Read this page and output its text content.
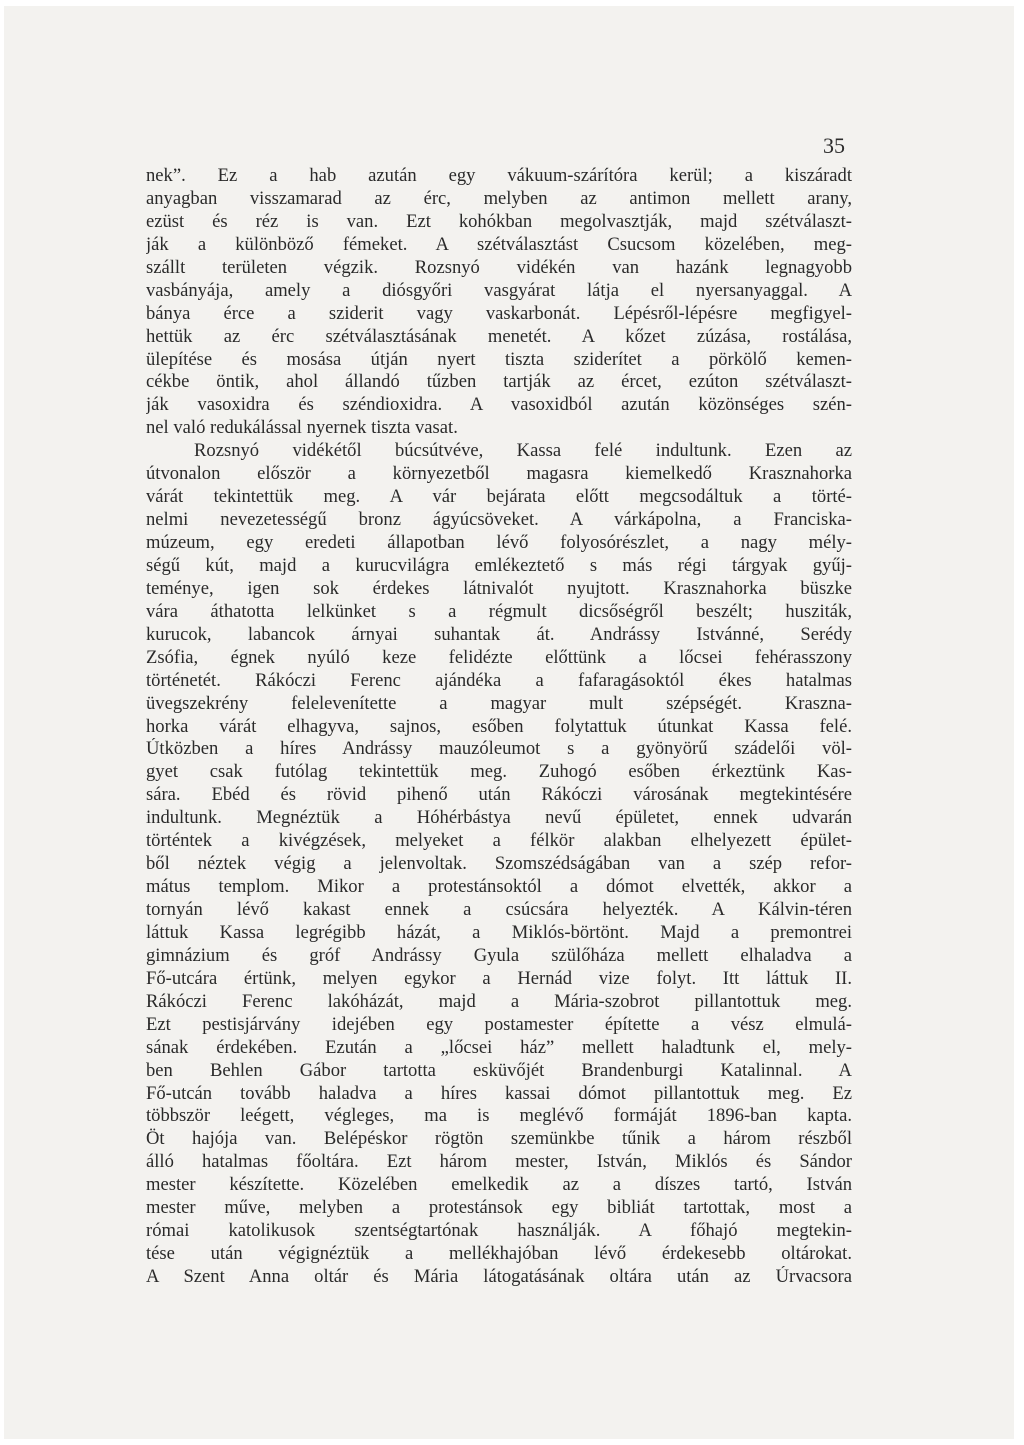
35
nek”. Ez a hab azután egy vákuum-szárítóra kerül; a kiszáradt
anyagban visszamarad az érc, melyben az antimon mellett arany,
ezüst és réz is van. Ezt kohókban megolvasztják, majd szétválaszt-
ják a különböző fémeket. A szétválasztást Csucsom közelében, meg-
szállt területen végzik. Rozsnyó vidékén van hazánk legnagyobb
vasbányája, amely a diósgyőri vasgyárat látja el nyersanyaggal. A
bánya érce a sziderit vagy vaskarbonát. Lépésről-lépésre megfigyel-
hettük az érc szétválasztásának menetét. A kőzet zúzása, rostálása,
ülepítése és mosása útján nyert tiszta sziderítet a pörkölő kemen-
cékbe öntik, ahol állandó tűzben tartják az ércet, ezúton szétválaszt-
ják vasoxidra és széndioxidra. A vasoxidból azután közönséges szén-
nel való redukálással nyernek tiszta vasat.
Rozsnyó vidékétől búcsútvéve, Kassa felé indultunk. Ezen az
útvonalon először a környezetből magasra kiemelkedő Krasznahorka
várát tekintettük meg. A vár bejárata előtt megcsodáltuk a törté-
nelmi nevezetességű bronz ágyúcsöveket. A várkápolna, a Franciska-
múzeum, egy eredeti állapotban lévő folyosórészlet, a nagy mély-
ségű kút, majd a kurucvilágra emlékeztető s más régi tárgyak gyűj-
teménye, igen sok érdekes látnivalót nyujtott. Krasznahorka büszke
vára áthatotta lelkünket s a régmult dicsőségről beszélt; husziták,
kurucok, labancok árnyai suhantak át. Andrássy Istvánné, Serédy
Zsófia, égnek nyúló keze felidézte előttünk a lőcsei fehérasszony
történetét. Rákóczi Ferenc ajándéka a fafaragásoktól ékes hatalmas
üvegszekrény felelevenítette a magyar mult szépségét. Krasznа-
horka várát elhagyva, sajnos, esőben folytattuk útunkat Kassa felé.
Útközben a híres Andrássy mauzóleumot s a gyönyörű szádelői völ-
gyet csak futólag tekintettük meg. Zuhogó esőben érkeztünk Kas-
sára. Ebéd és rövid pihenő után Rákóczi városának megtekintésére
indultunk. Megnéztük a Hóhérbástya nevű épületet, ennek udvarán
történtek a kivégzések, melyeket a félkör alakban elhelyezett épület-
ből néztek végig a jelenvoltak. Szomszédságában van a szép refor-
mátus templom. Mikor a protestánsoktól a dómot elvették, akkor a
tornyán lévő kakast ennek a csúcsára helyezték. A Kálvin-téren
láttuk Kassa legrégibb házát, a Miklós-börtönt. Majd a premontrei
gimnázium és gróf Andrássy Gyula szülőháza mellett elhaladva a
Fő-utcára értünk, melyen egykor a Hernád vize folyt. Itt láttuk II.
Rákóczi Ferenc lakóházát, majd a Mária-szobrot pillantottuk meg.
Ezt pestisjárvány idejében egy postamester építette a vész elmulá-
sának érdekében. Ezután a „lőcsei ház” mellett haladtunk el, mely-
ben Behlen Gábor tartotta esküvőjét Brandenburgi Katalinnal. A
Fő-utcán tovább haladva a híres kassai dómot pillantottuk meg. Ez
többször leégett, végleges, ma is meglévő formáját 1896-ban kapta.
Öt hajója van. Belépéskor rögtön szemünkbe tűnik a három részből
álló hatalmas főoltára. Ezt három mester, István, Miklós és Sándor
mester készítette. Közelében emelkedik az a díszes tartó, István
mester műve, melyben a protestánsok egy bibliát tartottak, most a
római katolikusok szentségtartónak használják. A főhajó megtekin-
tése után végignéztük a mellékhajóban lévő érdekesebb oltárokat.
A Szent Anna oltár és Mária látogatásának oltára után az Úrvacsora
